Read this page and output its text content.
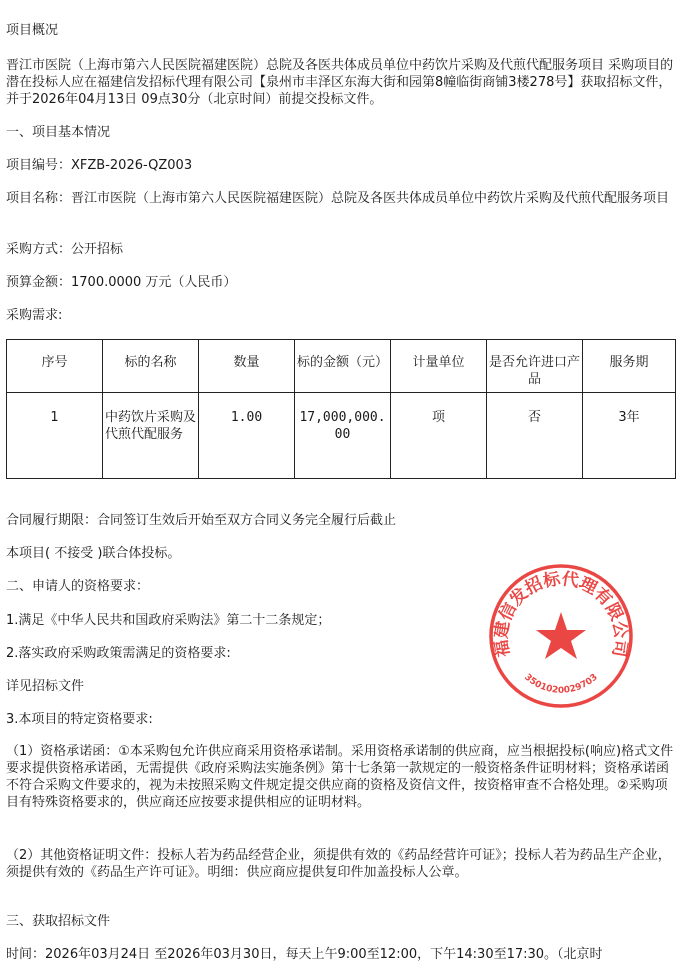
项目概况

晋江市医院（上海市第六人民医院福建医院）总院及各医共体成员单位中药饮片采购及代煎代配服务项目 采购项目的潜在投标人应在福建信发招标代理有限公司【泉州市丰泽区东海大街和园第8幢临街商铺3楼278号】获取招标文件，并于2026年04月13日 09点30分（北京时间）前提交投标文件。

一、项目基本情况

项目编号：XFZB-2026-QZ003

项目名称：晋江市医院（上海市第六人民医院福建医院）总院及各医共体成员单位中药饮片采购及代煎代配服务项目

采购方式：公开招标

预算金额：1700.0000 万元（人民币）

采购需求:

序号	标的名称	数量	标的金额（元）	计量单位	是否允许进口产品	服务期
1	中药饮片采购及代煎代配服务	1.00	17,000,000.00	项	否	3年

合同履行期限：合同签订生效后开始至双方合同义务完全履行后截止

本项目( 不接受 )联合体投标。

二、申请人的资格要求：

1.满足《中华人民共和国政府采购法》第二十二条规定；

2.落实政府采购政策需满足的资格要求:

详见招标文件

3.本项目的特定资格要求:

（1）资格承诺函：①本采购包允许供应商采用资格承诺制。采用资格承诺制的供应商，应当根据投标(响应)格式文件要求提供资格承诺函，无需提供《政府采购法实施条例》第十七条第一款规定的一般资格条件证明材料；资格承诺函不符合采购文件要求的，视为未按照采购文件规定提交供应商的资格及资信文件，按资格审查不合格处理。②采购项目有特殊资格要求的，供应商还应按要求提供相应的证明材料。

（2）其他资格证明文件：投标人若为药品经营企业，须提供有效的《药品经营许可证》；投标人若为药品生产企业，须提供有效的《药品生产许可证》。明细：供应商应提供复印件加盖投标人公章。

三、获取招标文件

时间：2026年03月24日 至2026年03月30日，每天上午9:00至12:00，下午14:30至17:30。（北京时

福建信发招标代理有限公司
3501020029703
